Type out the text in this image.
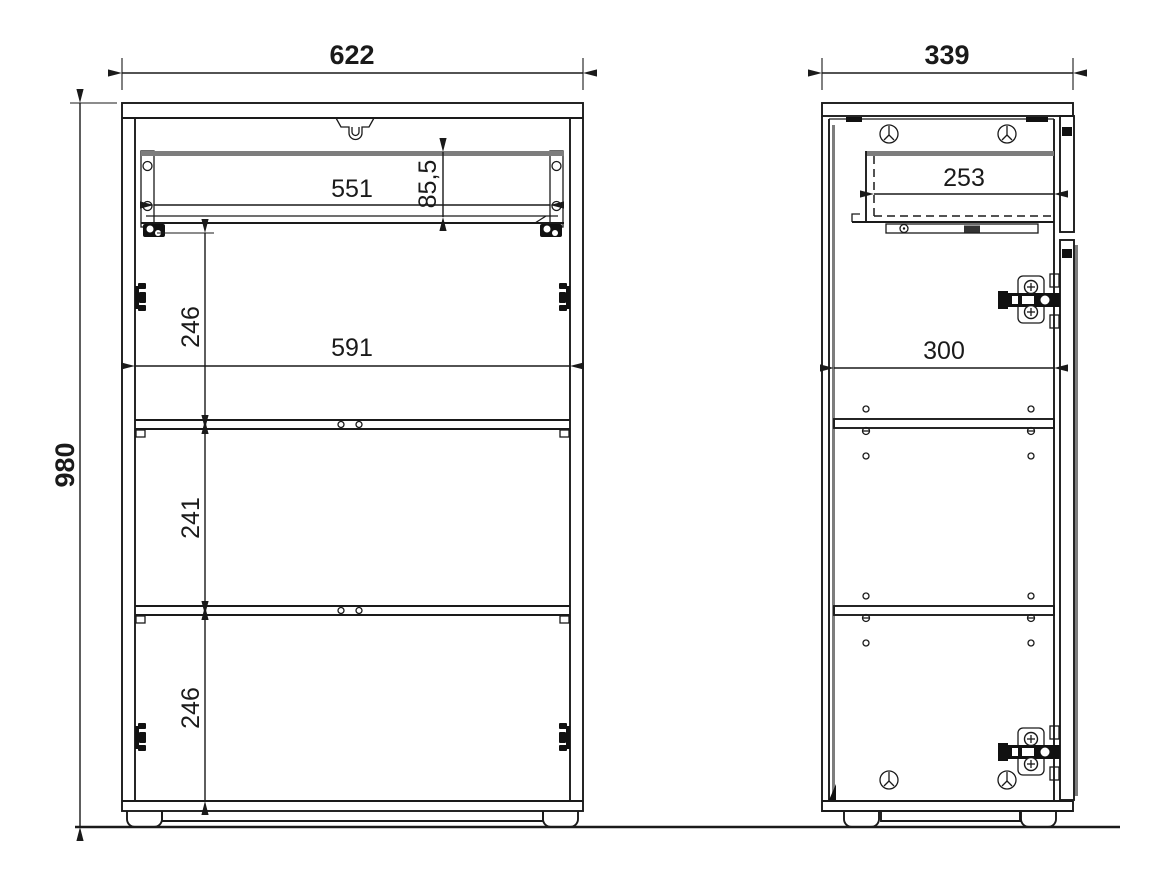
622
980
551 85,5
591
246
241
246
339
253
300
